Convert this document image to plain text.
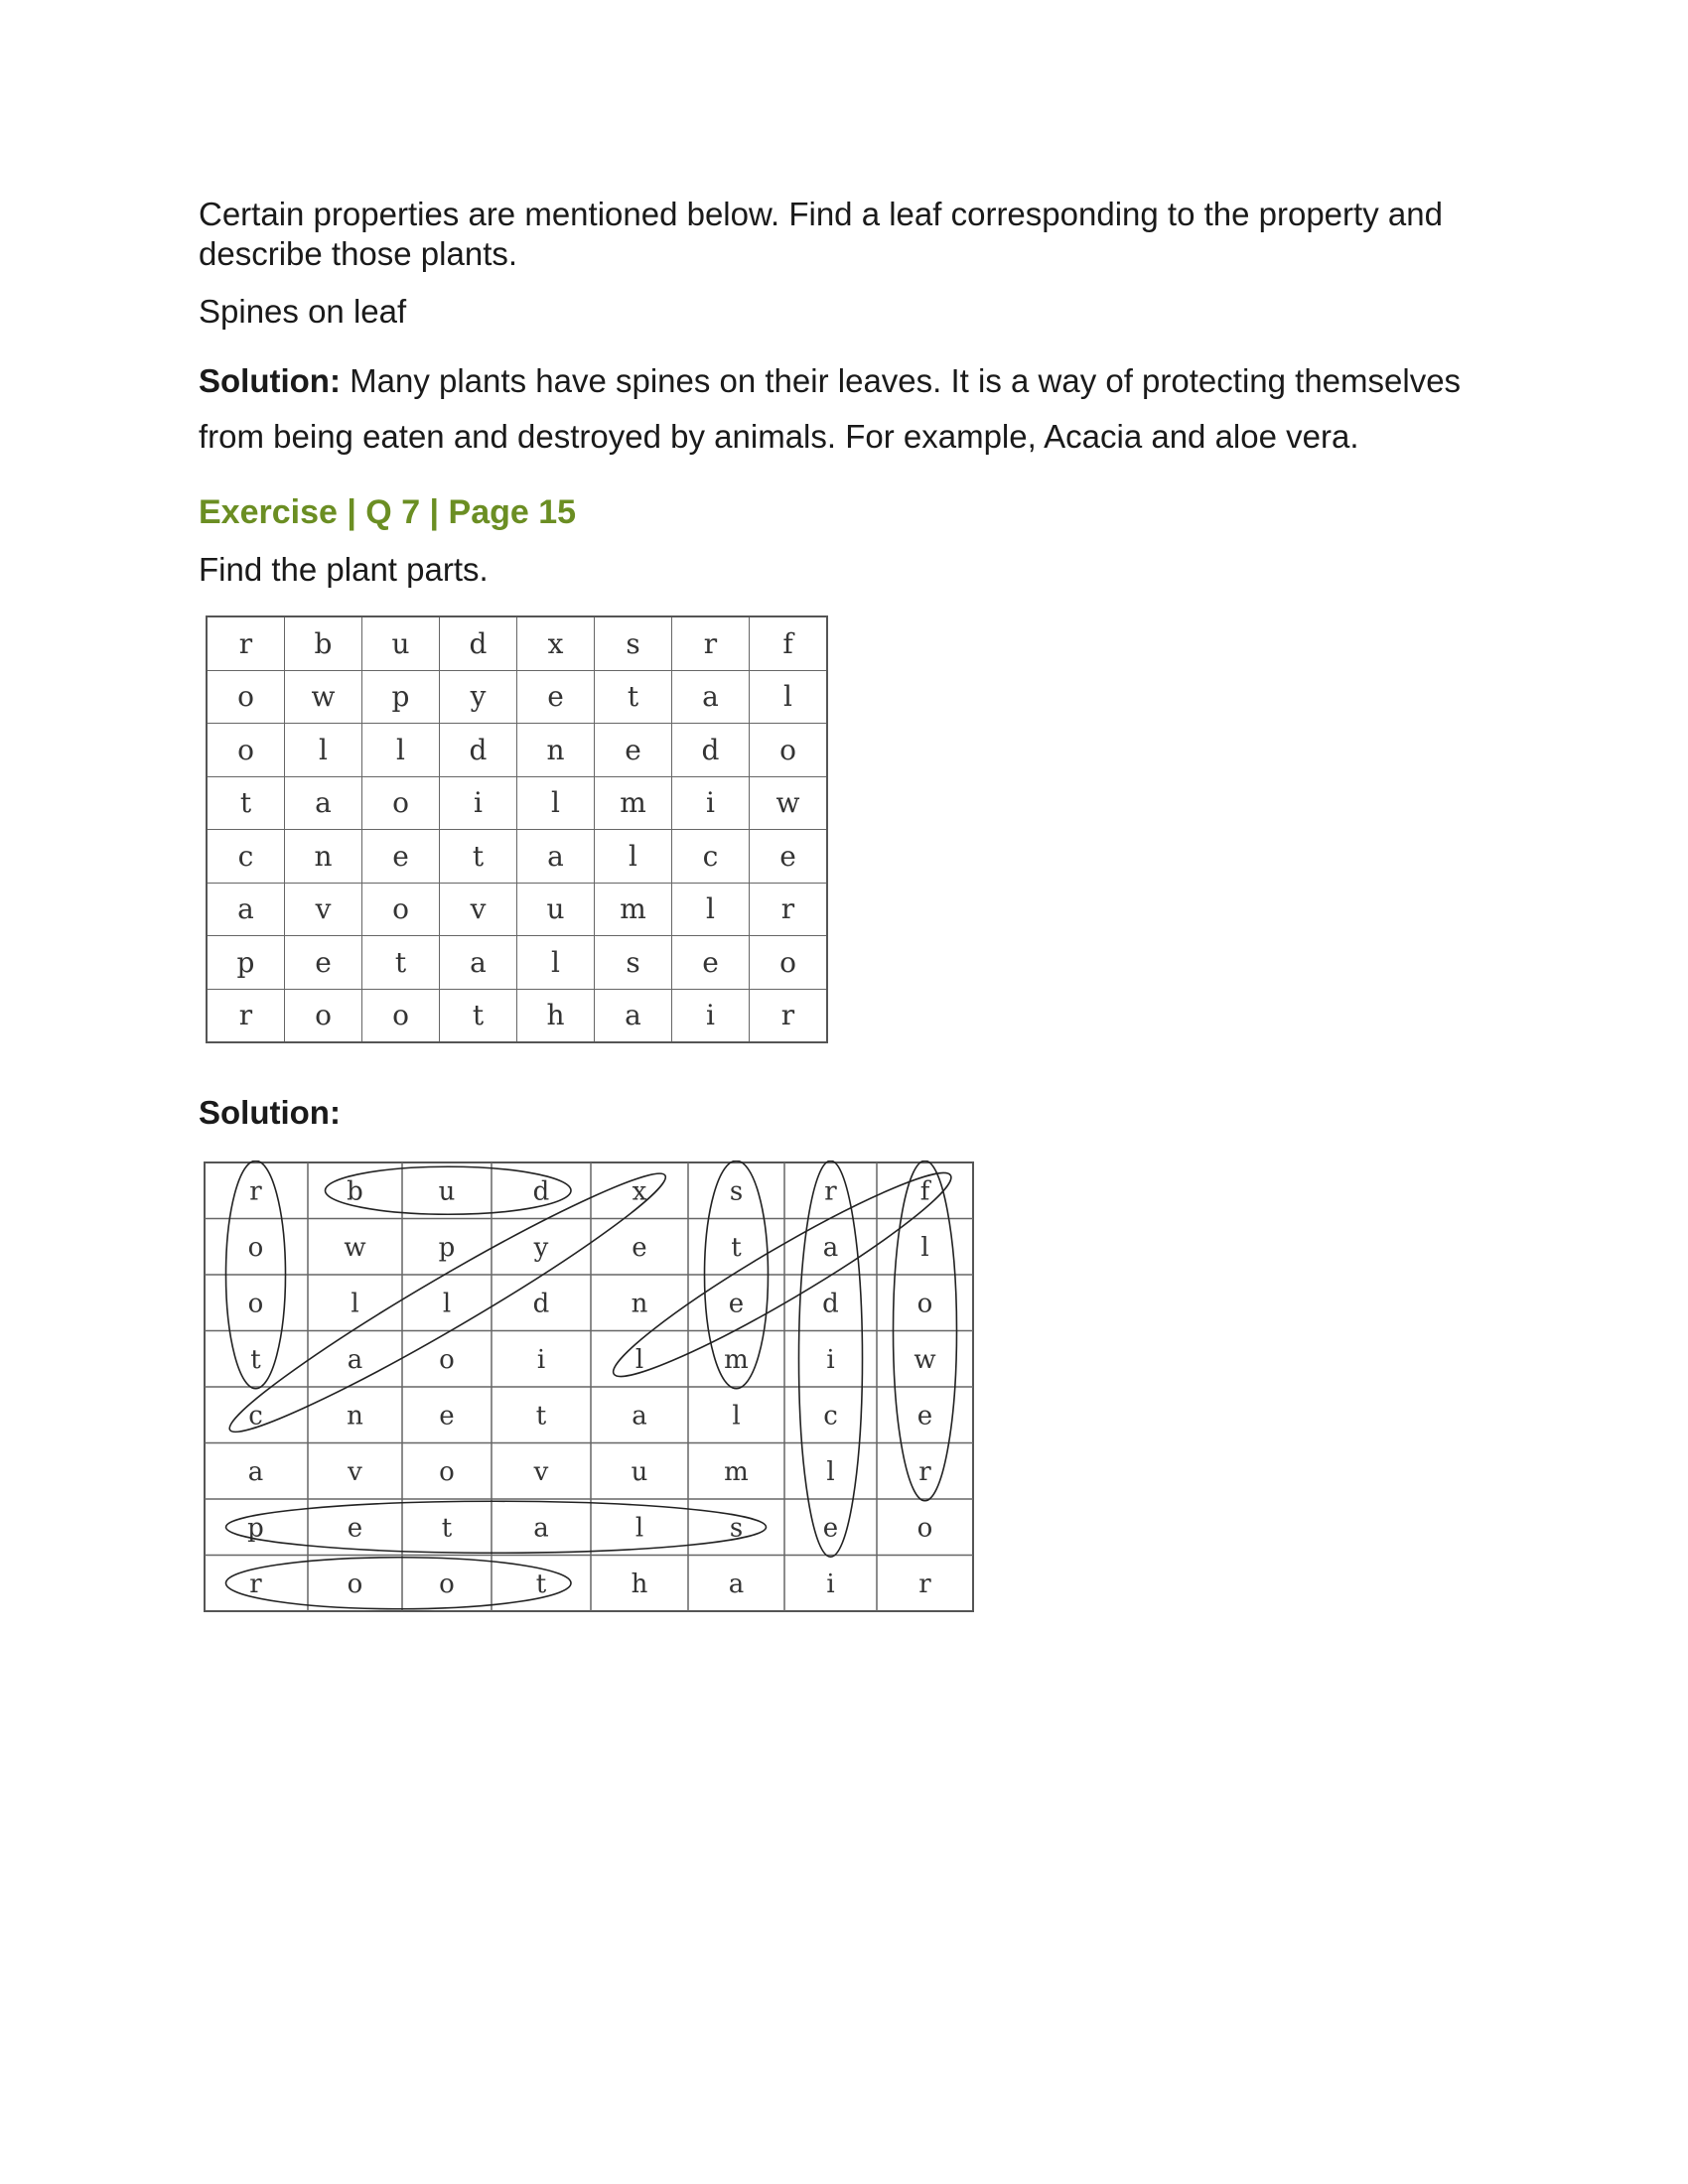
Certain properties are mentioned below. Find a leaf corresponding to the property and describe those plants.

Spines on leaf

Solution: Many plants have spines on their leaves. It is a way of protecting themselves from being eaten and destroyed by animals. For example, Acacia and aloe vera.

Exercise | Q 7 | Page 15

Find the plant parts.

r	b	u	d	x	s	r	f
o	w	p	y	e	t	a	l
o	l	l	d	n	e	d	o
t	a	o	i	l	m	i	w
c	n	e	t	a	l	c	e
a	v	o	v	u	m	l	r
p	e	t	a	l	s	e	o
r	o	o	t	h	a	i	r
Solution:
r	b	u	d	x	s	r	f
o	w	p	y	e	t	a	l
o	l	l	d	n	e	d	o
t	a	o	i	l	m	i	w
c	n	e	t	a	l	c	e
a	v	o	v	u	m	l	r
p	e	t	a	l	s	e	o
r	o	o	t	h	a	i	r
